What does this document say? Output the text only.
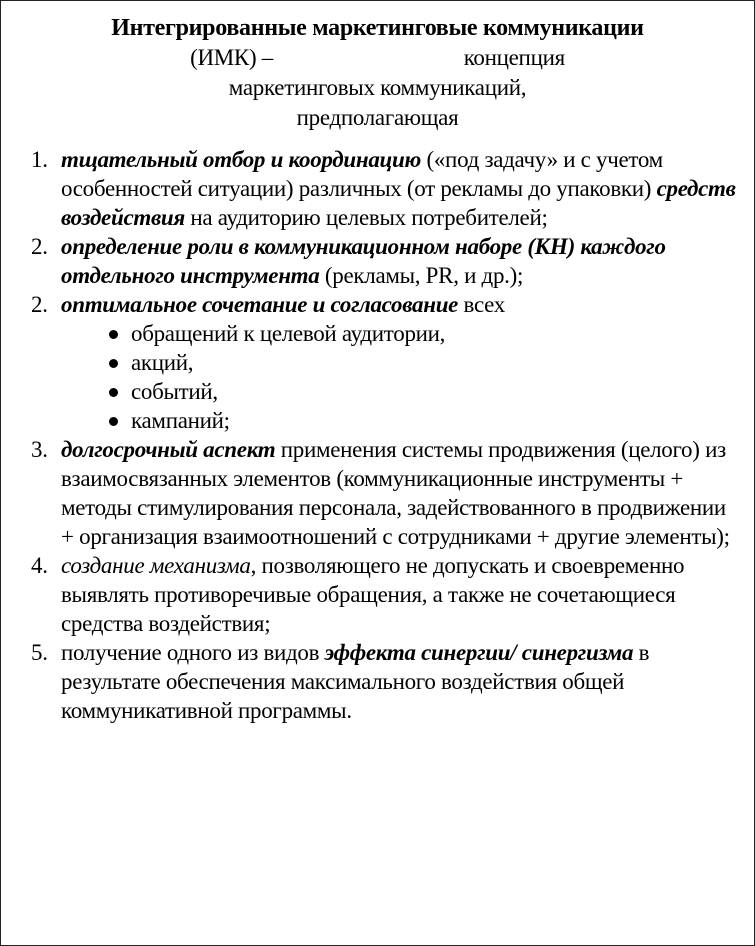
Интегрированные маркетинговые коммуникации
(ИМК) –                                   концепция
маркетинговых коммуникаций,
предполагающая
1. тщательный отбор и координацию («под задачу» и с учетом особенностей ситуации) различных (от рекламы до упаковки) средств воздействия на аудиторию целевых потребителей;
2. определение роли в коммуникационном наборе (КН) каждого отдельного инструмента (рекламы, PR, и др.);
2. оптимальное сочетание и согласование всех
обращений к целевой аудитории,
акций,
событий,
кампаний;
3. долгосрочный аспект применения системы продвижения (целого) из взаимосвязанных элементов (коммуникационные инструменты + методы стимулирования персонала, задействованного в продвижении + организация взаимоотношений с сотрудниками + другие элементы);
4. создание механизма, позволяющего не допускать и своевременно выявлять противоречивые обращения, а также не сочетающиеся средства воздействия;
5. получение одного из видов эффекта синергии/ синергизма в результате обеспечения максимального воздействия общей коммуникативной программы.
